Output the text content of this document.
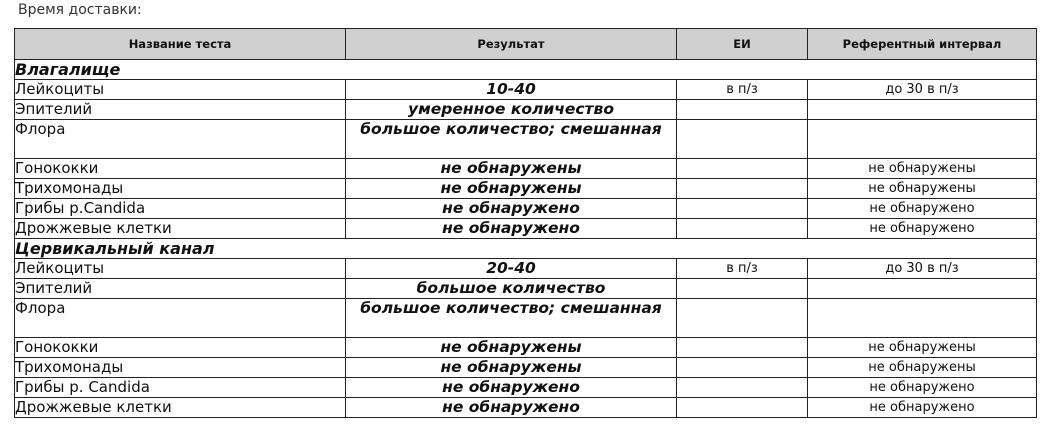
Время доставки:
Название теста	Результат	ЕИ	Референтный интервал
Влагалище			
Лейкоциты	10-40	в п/з	до 30 в п/з
Эпителий	умеренное количество		
Флора	большое количество; смешанная		
Гонококки	не обнаружены		не обнаружены
Трихомонады	не обнаружены		не обнаружены
Грибы p.Candida	не обнаружено		не обнаружено
Дрожжевые клетки	не обнаружено		не обнаружено
Цервикальный канал			
Лейкоциты	20-40	в п/з	до 30 в п/з
Эпителий	большое количество		
Флора	большое количество; смешанная		
Гонококки	не обнаружены		не обнаружены
Трихомонады	не обнаружены		не обнаружены
Грибы p. Candida	не обнаружено		не обнаружено
Дрожжевые клетки	не обнаружено		не обнаружено
